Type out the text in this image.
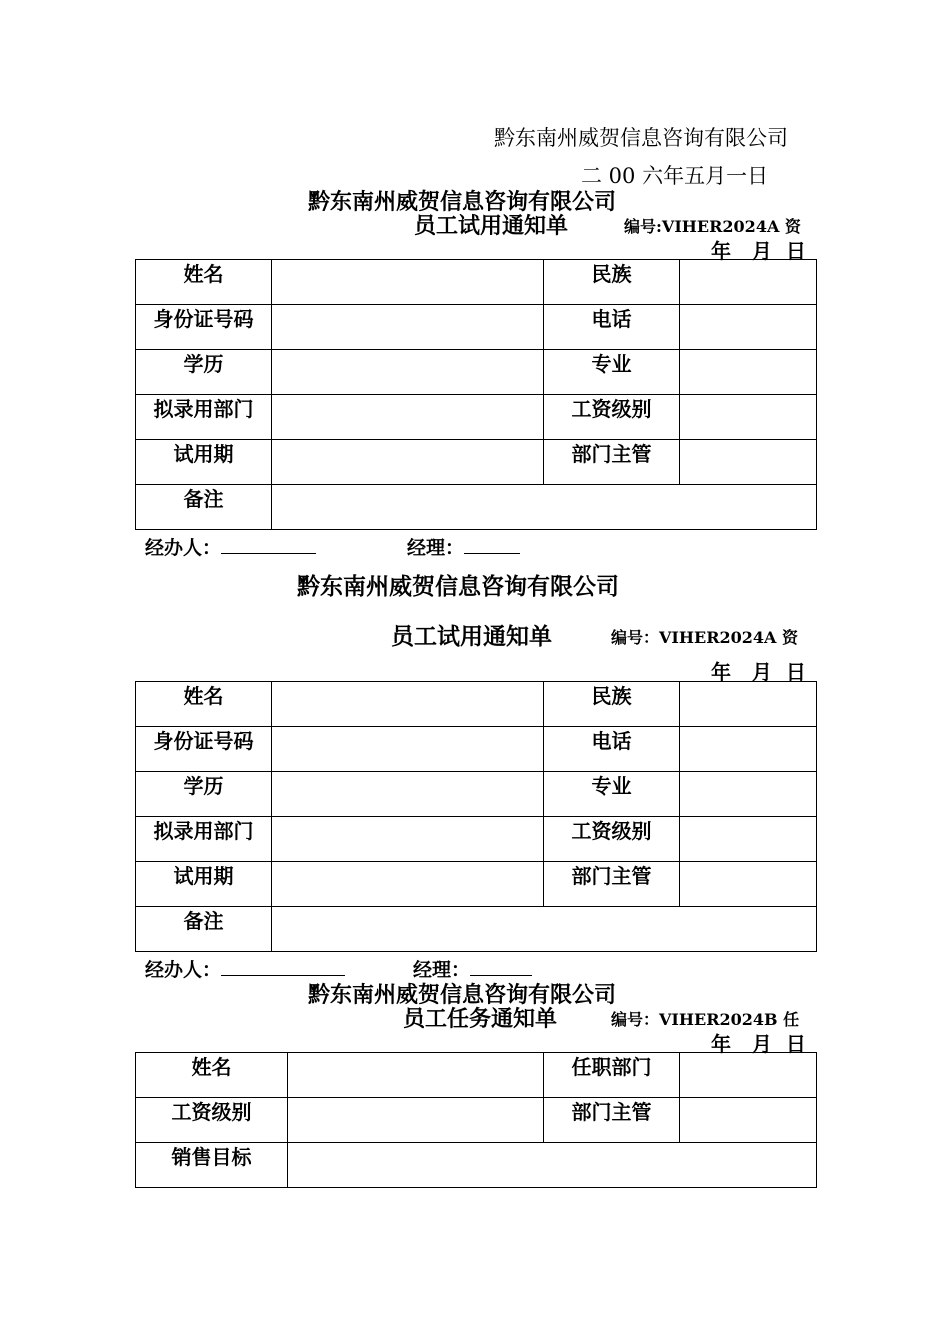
黔东南州威贺信息咨询有限公司
二 00 六年五月一日
黔东南州威贺信息咨询有限公司
员工试用通知单	编号:VIHER2024A 资
年   月  日
姓名		民族	

身份证号码		电话	

学历		专业	

拟录用部门		工资级别	

试用期		部门主管	

备注			

经办人：	经理：
黔东南州威贺信息咨询有限公司
员工试用通知单	编号：VIHER2024A 资
年   月  日
姓名		民族	

身份证号码		电话	

学历		专业	

拟录用部门		工资级别	

试用期		部门主管	

备注			

经办人：	经理：
黔东南州威贺信息咨询有限公司
员工任务通知单	编号：VIHER2024B 任
年   月  日
姓名		任职部门	

工资级别		部门主管	

销售目标			
